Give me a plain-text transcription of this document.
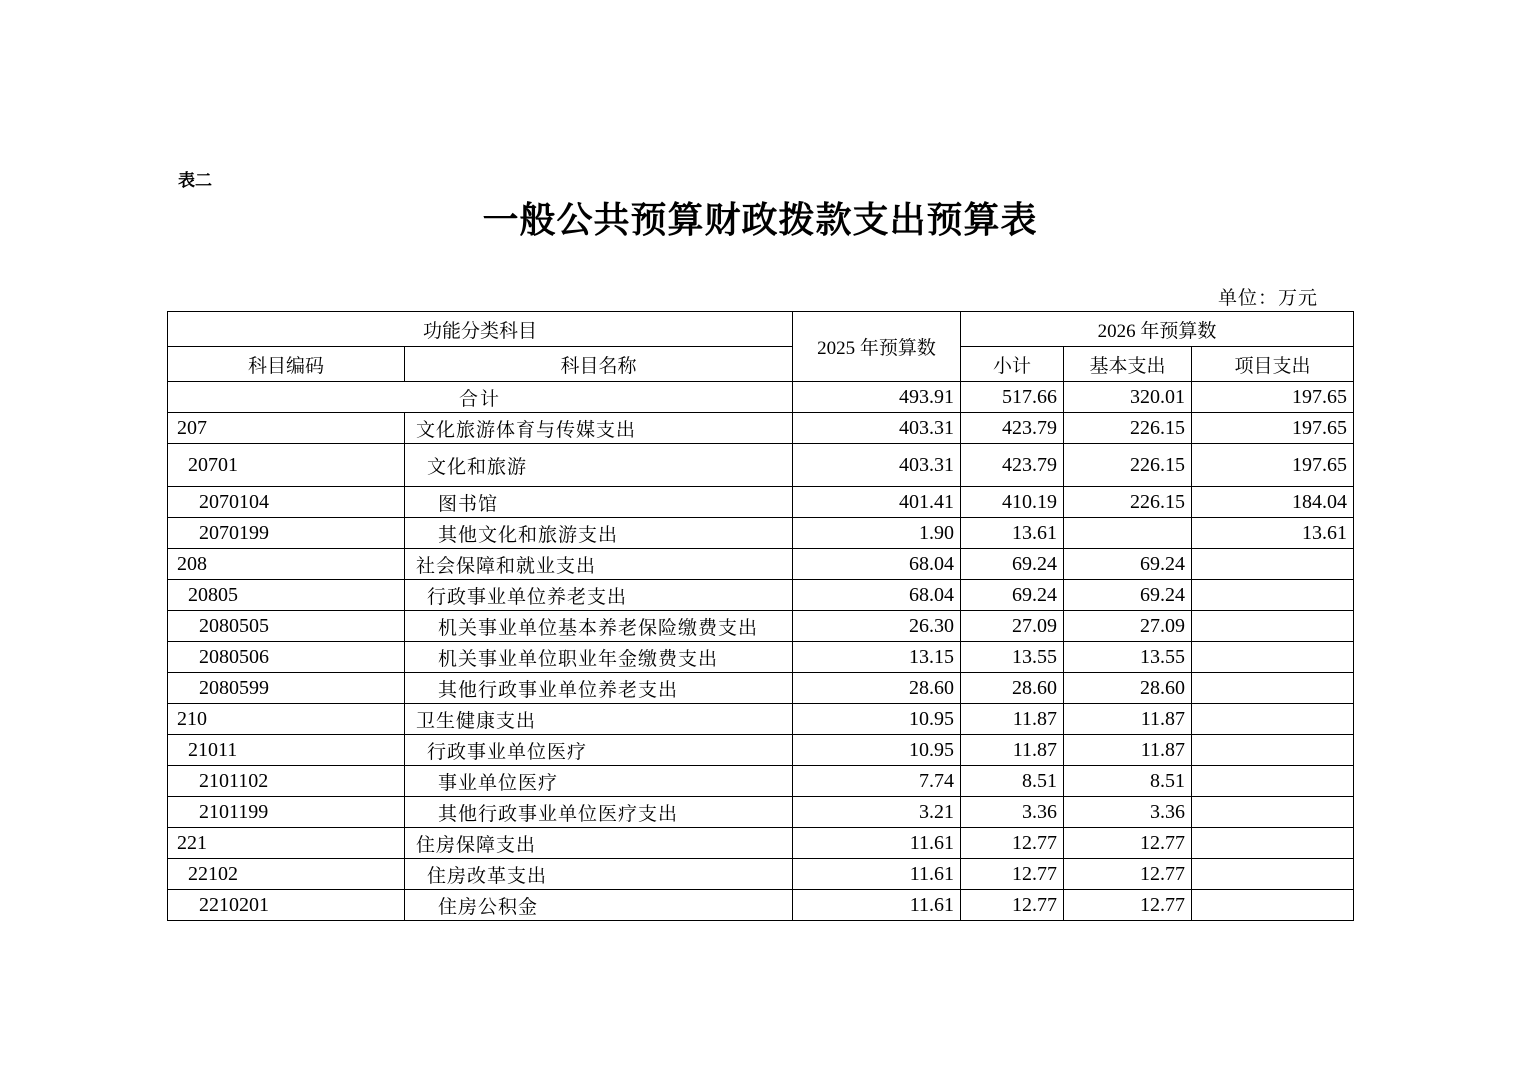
表二
一般公共预算财政拨款支出预算表
单位：万元
功能分类科目		2025 年预算数	2026 年预算数		
科目编码	科目名称		小计	基本支出	项目支出
合计		493.91	517.66	320.01	197.65
207	文化旅游体育与传媒支出	403.31	423.79	226.15	197.65
20701	文化和旅游	403.31	423.79	226.15	197.65
2070104	图书馆	401.41	410.19	226.15	184.04
2070199	其他文化和旅游支出	1.90	13.61		13.61
208	社会保障和就业支出	68.04	69.24	69.24	
20805	行政事业单位养老支出	68.04	69.24	69.24	
2080505	机关事业单位基本养老保险缴费支出	26.30	27.09	27.09	
2080506	机关事业单位职业年金缴费支出	13.15	13.55	13.55	
2080599	其他行政事业单位养老支出	28.60	28.60	28.60	
210	卫生健康支出	10.95	11.87	11.87	
21011	行政事业单位医疗	10.95	11.87	11.87	
2101102	事业单位医疗	7.74	8.51	8.51	
2101199	其他行政事业单位医疗支出	3.21	3.36	3.36	
221	住房保障支出	11.61	12.77	12.77	
22102	住房改革支出	11.61	12.77	12.77	
2210201	住房公积金	11.61	12.77	12.77	
